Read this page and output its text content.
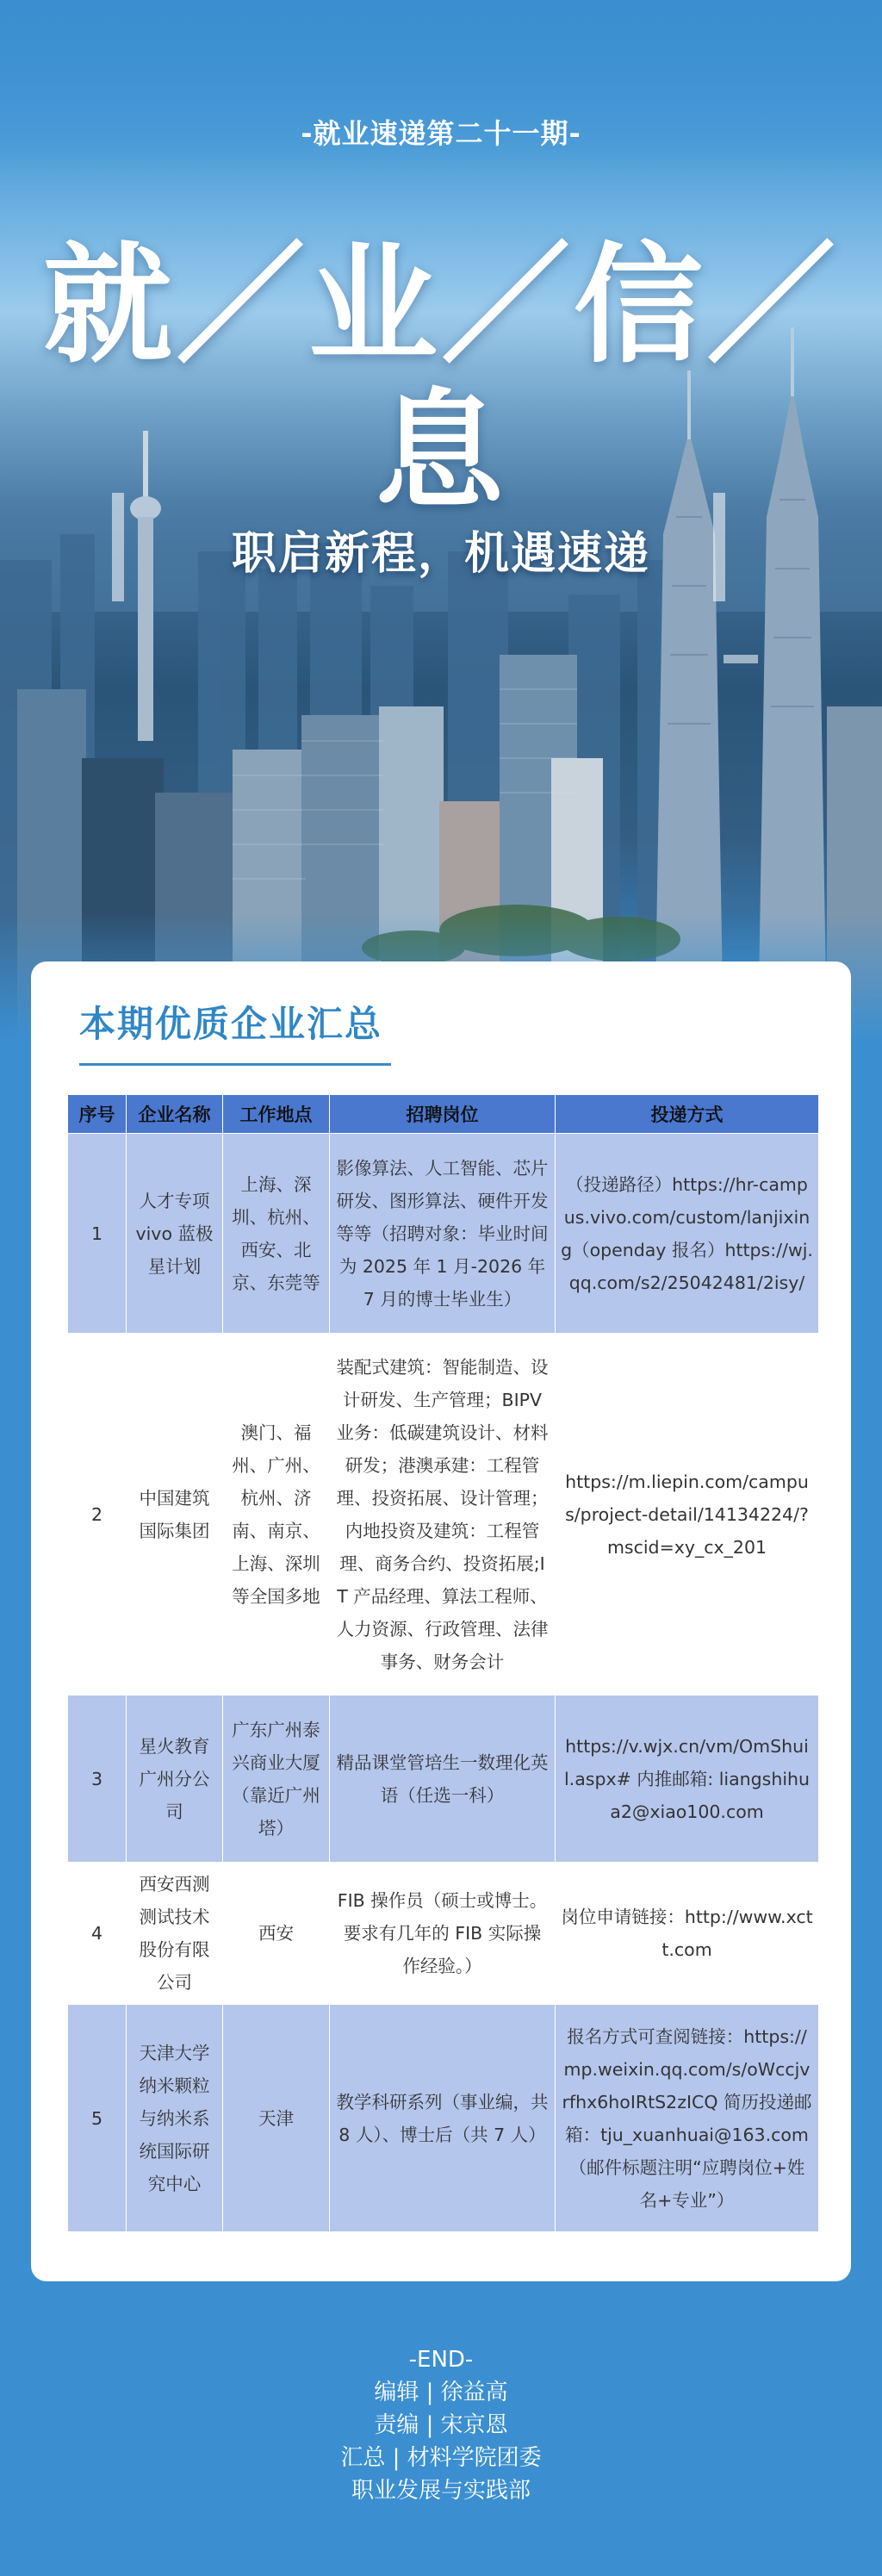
-就业速递第二十一期-
就／业／信／息
职启新程，机遇速递
本期优质企业汇总
序号	企业名称	工作地点	招聘岗位	投递方式
1	人才专项 vivo 蓝极星计划	上海、深圳、杭州、西安、北京、东莞等	影像算法、人工智能、芯片研发、图形算法、硬件开发等等（招聘对象：毕业时间为 2025 年 1 月-2026 年 7 月的博士毕业生）	（投递路径）https://hr-campus.vivo.com/custom/lanjixing（openday 报名）https://wj.qq.com/s2/25042481/2isy/
2	中国建筑国际集团	澳门、福州、广州、杭州、济南、南京、上海、深圳等全国多地	装配式建筑：智能制造、设计研发、生产管理；BIPV 业务：低碳建筑设计、材料研发；港澳承建：工程管理、投资拓展、设计管理；内地投资及建筑：工程管理、商务合约、投资拓展;IT 产品经理、算法工程师、人力资源、行政管理、法律事务、财务会计	https://m.liepin.com/campus/project-detail/14134224/?mscid=xy_cx_201
3	星火教育广州分公司	广东广州泰兴商业大厦（靠近广州塔）	精品课堂管培生一数理化英语（任选一科）	https://v.wjx.cn/vm/OmShuil.aspx# 内推邮箱: liangshihua2@xiao100.com
4	西安西测测试技术股份有限公司	西安	FIB 操作员（硕士或博士。要求有几年的 FIB 实际操作经验。）	岗位申请链接：http://www.xctt.com
5	天津大学纳米颗粒与纳米系统国际研究中心	天津	教学科研系列（事业编，共 8 人）、博士后（共 7 人）	报名方式可查阅链接：https://mp.weixin.qq.com/s/oWccjvrfhx6hoIRtS2zICQ 简历投递邮箱：tju_xuanhuai@163.com（邮件标题注明“应聘岗位+姓名+专业”）
-END-
编辑 | 徐益高
责编 | 宋京恩
汇总 | 材料学院团委
职业发展与实践部
